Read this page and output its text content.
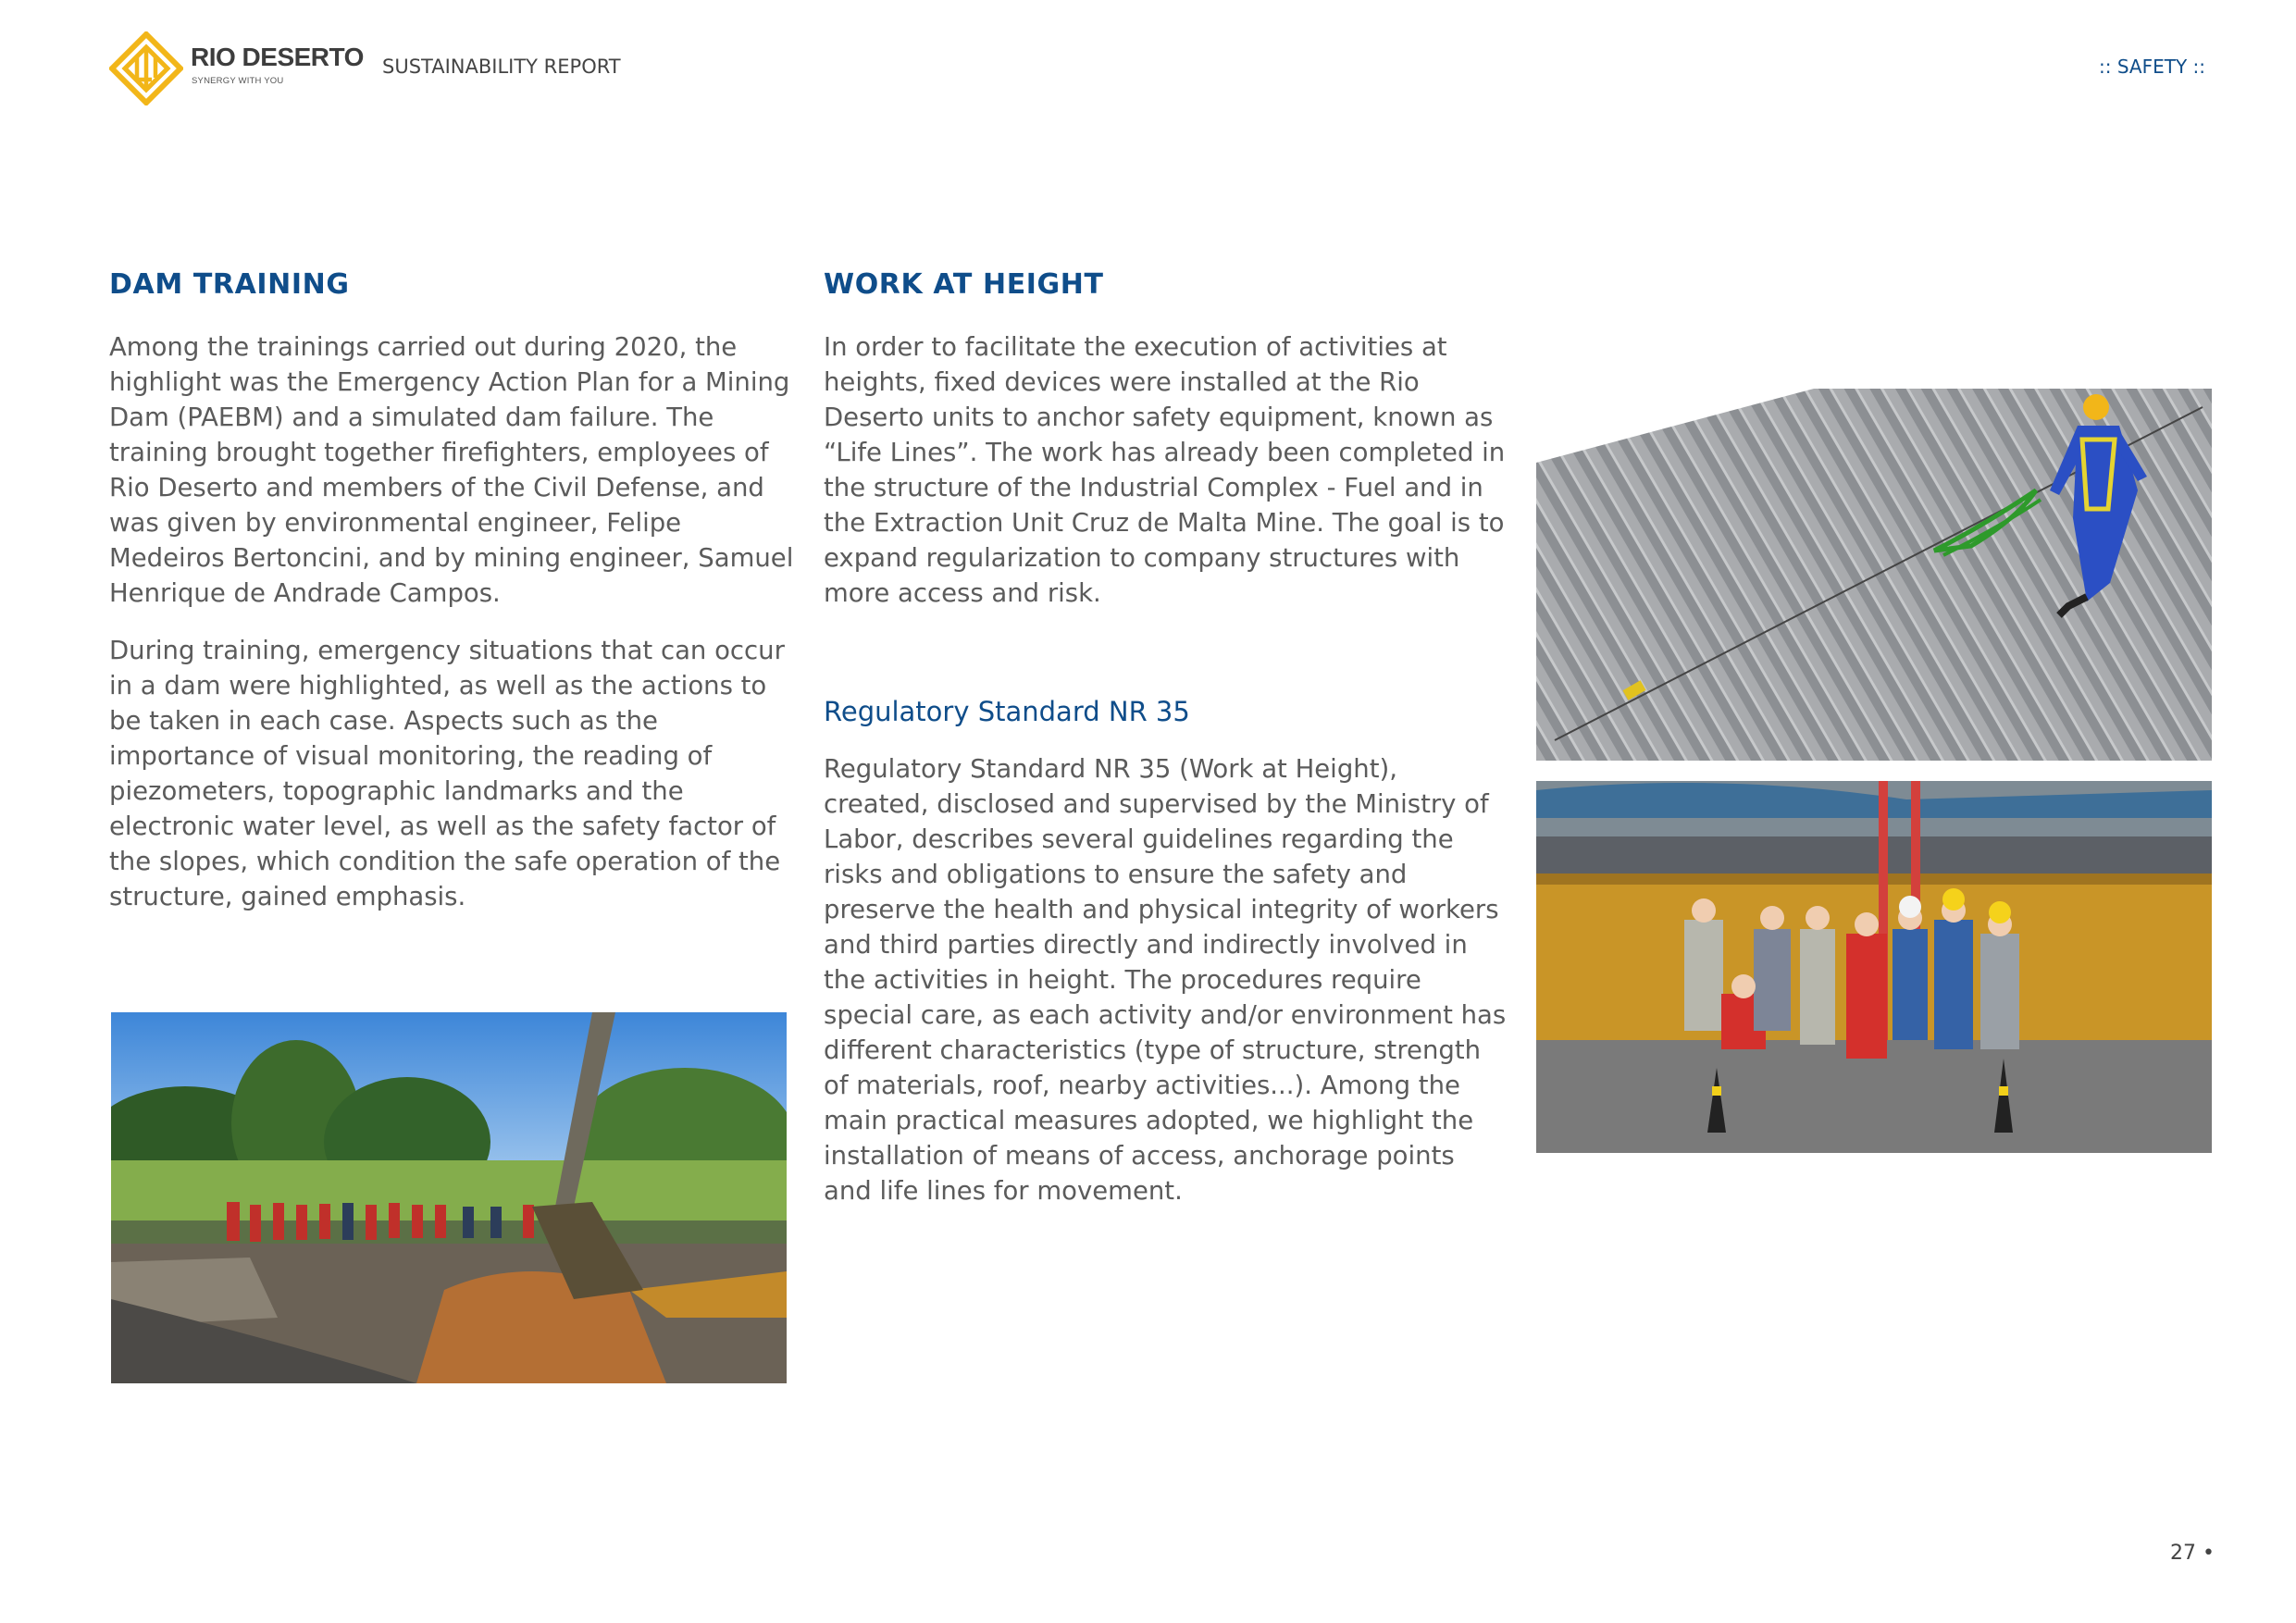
RIO DESERTO
SYNERGY WITH YOU
SUSTAINABILITY REPORT	:: SAFETY ::
DAM TRAINING

Among the trainings carried out during 2020, the highlight was the Emergency Action Plan for a Mining Dam (PAEBM) and a simulated dam failure. The training brought together firefighters, employees of Rio Deserto and members of the Civil Defense, and was given by environmental engineer, Felipe Medeiros Bertoncini, and by mining engineer, Samuel Henrique de Andrade Campos.

During training, emergency situations that can occur in a dam were highlighted, as well as the actions to be taken in each case. Aspects such as the importance of visual monitoring, the reading of piezometers, topographic landmarks and the electronic water level, as well as the safety factor of the slopes, which condition the safe operation of the structure, gained emphasis.

WORK AT HEIGHT

In order to facilitate the execution of activities at heights, fixed devices were installed at the Rio Deserto units to anchor safety equipment, known as “Life Lines”. The work has already been completed in the structure of the Industrial Complex - Fuel and in the Extraction Unit Cruz de Malta Mine. The goal is to expand regularization to company structures with more access and risk.

Regulatory Standard NR 35

Regulatory Standard NR 35 (Work at Height), created, disclosed and supervised by the Ministry of Labor, describes several guidelines regarding the risks and obligations to ensure the safety and preserve the health and physical integrity of workers and third parties directly and indirectly involved in the activities in height. The procedures require special care, as each activity and/or environment has different characteristics (type of structure, strength of materials, roof, nearby activities...). Among the main practical measures adopted, we highlight the installation of means of access, anchorage points and life lines for movement.

27 •
